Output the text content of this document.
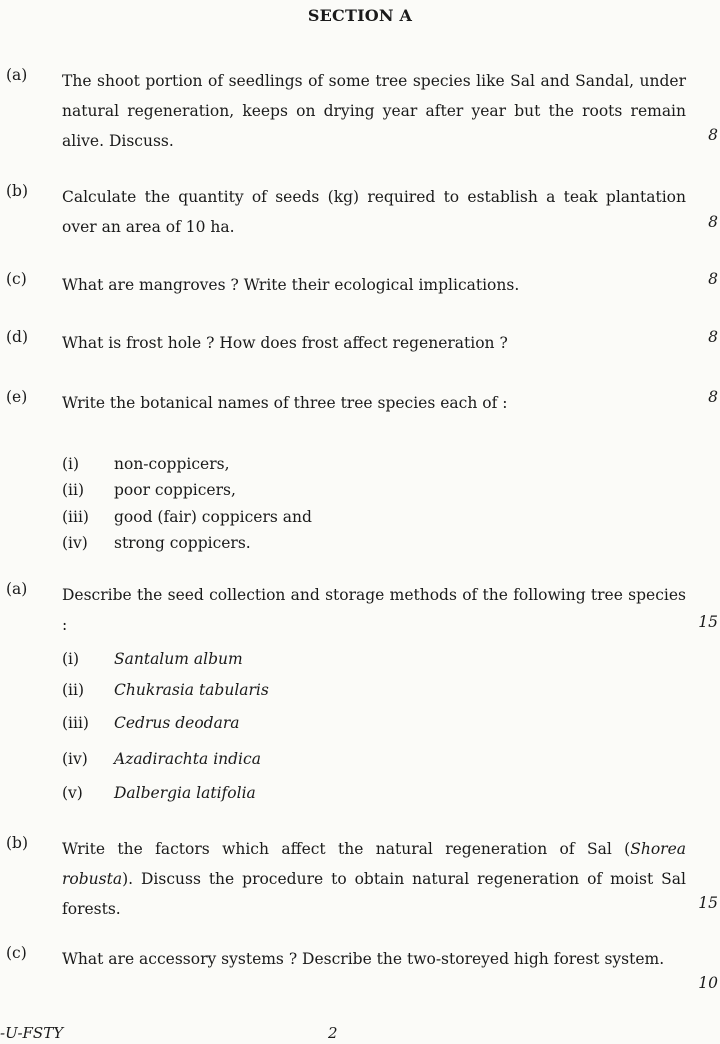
SECTION A
(a) The shoot portion of seedlings of some tree species like Sal and Sandal, under natural regeneration, keeps on drying year after year but the roots remain alive. Discuss.	8
(b) Calculate the quantity of seeds (kg) required to establish a teak plantation over an area of 10 ha.	8
(c) What are mangroves ? Write their ecological implications.	8
(d) What is frost hole ? How does frost affect regeneration ?	8
(e) Write the botanical names of three tree species each of :	8
(i) non-coppicers,
(ii) poor coppicers,
(iii) good (fair) coppicers and
(iv) strong coppicers.
(a) Describe the seed collection and storage methods of the following tree species :	15
(i) Santalum album
(ii) Chukrasia tabularis
(iii) Cedrus deodara
(iv) Azadirachta indica
(v) Dalbergia latifolia
(b) Write the factors which affect the natural regeneration of Sal (Shorea robusta). Discuss the procedure to obtain natural regeneration of moist Sal forests.	15
(c) What are accessory systems ? Describe the two-storeyed high forest system.
10
-U-FSTY	2
